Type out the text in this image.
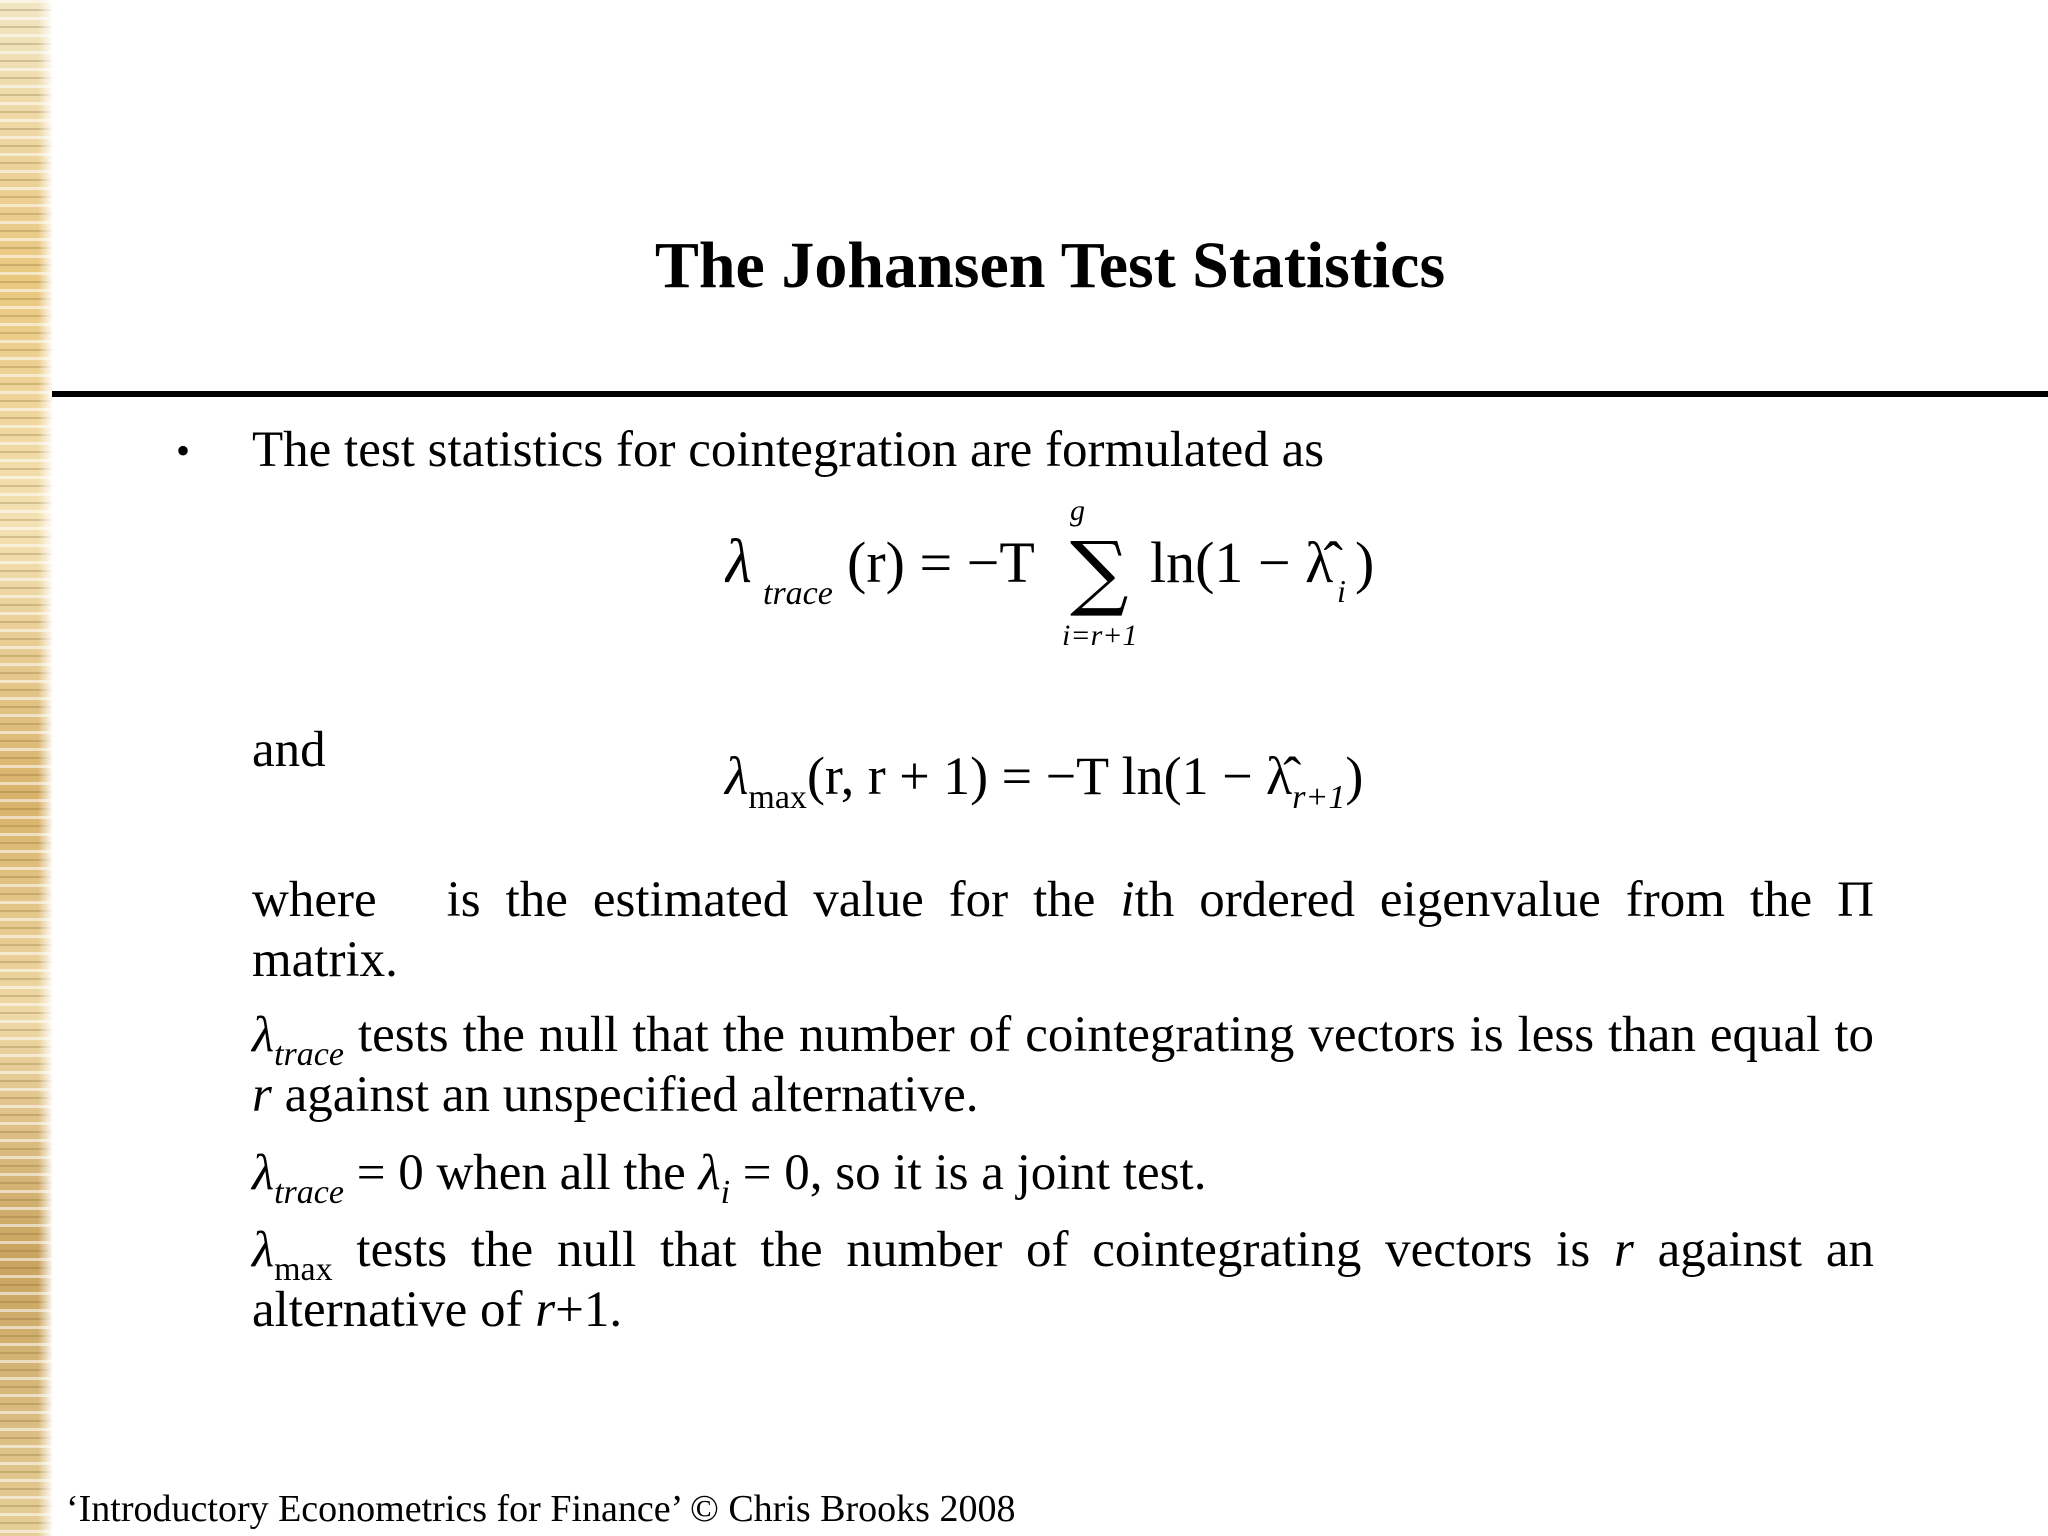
The Johansen Test Statistics
• The test statistics for cointegration are formulated as
λ trace (r) = −T
g
∑
i=r+1
ln(1 − λ̂ i )
and	$\lambda_{max}(r$, r + 1) = −T $\ln(1 - \lambdâ_{r+1})$
where is the estimated value for the ith ordered eigenvalue from the Π matrix.
$\lambda_{trace}$ tests the null that the number of cointegrating vectors is less than equal to r against an unspecified alternative.
$\lambda_{trace} = 0$ when all the $\lambda_i = 0$, so it is a joint test.
$\lambda_{max}$ tests the null that the number of cointegrating vectors is r against an alternative of r+1.
‘Introductory Econometrics for Finance’ © Chris Brooks 2008
